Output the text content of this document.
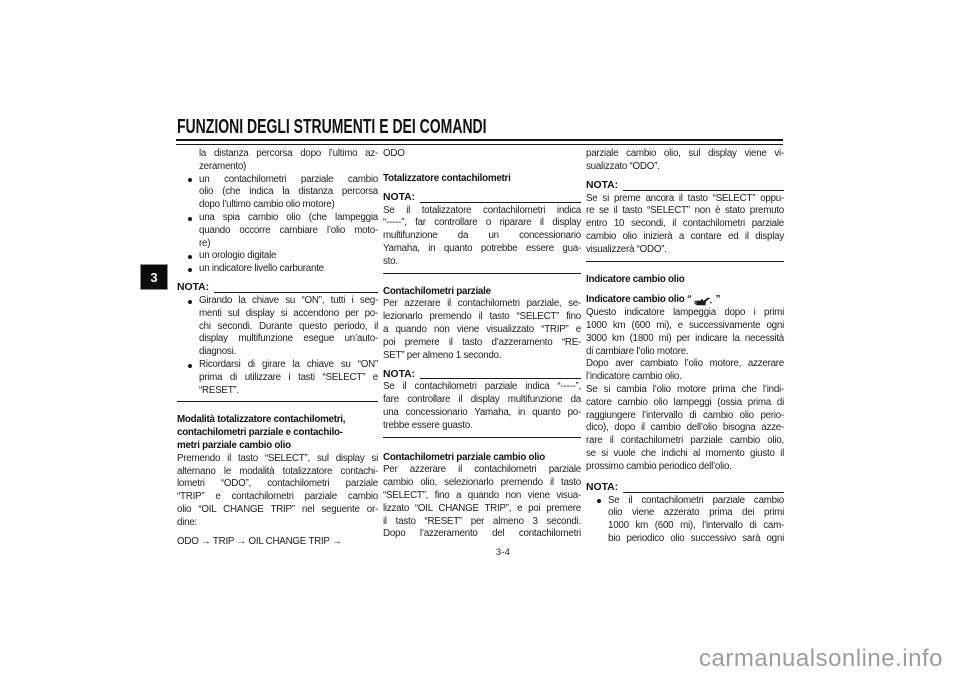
FUNZIONI DEGLI STRUMENTI E DEI COMANDI
3
la distanza percorsa dopo l’ultimo az-
zeramento)
un contachilometri parziale cambio
olio (che indica la distanza percorsa
dopo l’ultimo cambio olio motore)
una spia cambio olio (che lampeggia
quando occorre cambiare l’olio moto-
re)
un orologio digitale
un indicatore livello carburante
NOTA:
Girando la chiave su “ON”, tutti i seg-
menti sul display si accendono per po-
chi secondi. Durante questo periodo, il
display multifunzione esegue un’auto-
diagnosi.
Ricordarsi di girare la chiave su “ON”
prima di utilizzare i tasti “SELECT” e
“RESET”.
Modalità totalizzatore contachilometri,
contachilometri parziale e contachilo-
metri parziale cambio olio
Premendo il tasto “SELECT”, sul display si
alternano le modalità totalizzatore contachi-
lometri “ODO”, contachilometri parziale
“TRIP” e contachilometri parziale cambio
olio “OIL CHANGE TRIP” nel seguente or-
dine:
ODO → TRIP → OIL CHANGE TRIP →
ODO
Totalizzatore contachilometri
NOTA:
Se il totalizzatore contachilometri indica
“-----”, far controllare o riparare il display
multifunzione da un concessionario
Yamaha, in quanto potrebbe essere gua-
sto.
Contachilometri parziale
Per azzerare il contachilometri parziale, se-
lezionarlo premendo il tasto “SELECT” fino
a quando non viene visualizzato “TRIP” e
poi premere il tasto d’azzeramento “RE-
SET” per almeno 1 secondo.
NOTA:
Se il contachilometri parziale indica “-----”,
fare controllare il display multifunzione da
una concessionario Yamaha, in quanto po-
trebbe essere guasto.
Contachilometri parziale cambio olio
Per azzerare il contachilometri parziale
cambio olio, selezionarlo premendo il tasto
“SELECT”, fino a quando non viene visua-
lizzato “OIL CHANGE TRIP”, e poi premere
il tasto “RESET” per almeno 3 secondi.
Dopo l’azzeramento del contachilometri
parziale cambio olio, sul display viene vi-
sualizzato “ODO”.
NOTA:
Se si preme ancora il tasto “SELECT” oppu-
re se il tasto “SELECT” non è stato premuto
entro 10 secondi, il contachilometri parziale
cambio olio inizierà a contare ed il display
visualizzerà “ODO”.
Indicatore cambio olio
Indicatore cambio olio “ ”
Questo indicatore lampeggia dopo i primi
1000 km (600 mi), e successivamente ogni
3000 km (1800 mi) per indicare la necessità
di cambiare l’olio motore.
Dopo aver cambiato l’olio motore, azzerare
l’indicatore cambio olio.
Se si cambia l’olio motore prima che l’indi-
catore cambio olio lampeggi (ossia prima di
raggiungere l’intervallo di cambio olio perio-
dico), dopo il cambio dell’olio bisogna azze-
rare il contachilometri parziale cambio olio,
se si vuole che indichi al momento giusto il
prossimo cambio periodico dell’olio.
NOTA:
Se il contachilometri parziale cambio
olio viene azzerato prima dei primi
1000 km (600 mi), l’intervallo di cam-
bio periodico olio successivo sarà ogni
3-4
carmanualsonline.info
